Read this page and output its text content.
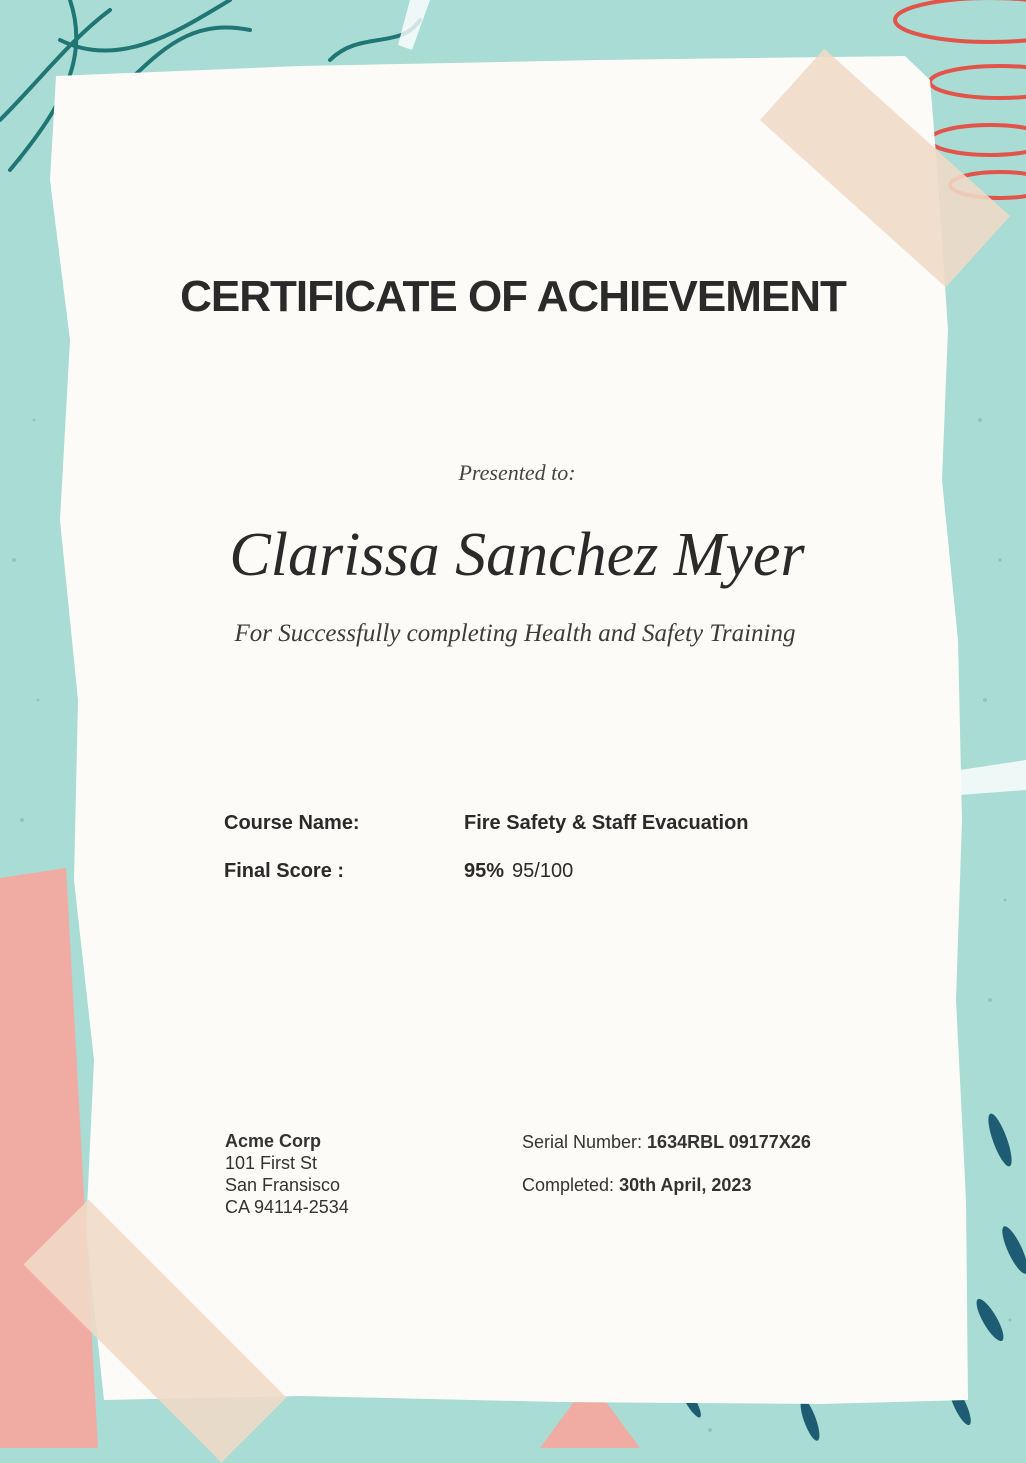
CERTIFICATE OF ACHIEVEMENT
Presented to:
Clarissa Sanchez Myer
For Successfully completing Health and Safety Training
Course Name:	Fire Safety & Staff Evacuation
Final Score :	95% 95/100
Acme Corp
101 First St
San Fransisco
CA 94114-2534
Serial Number: 1634RBL 09177X26
Completed: 30th April, 2023
